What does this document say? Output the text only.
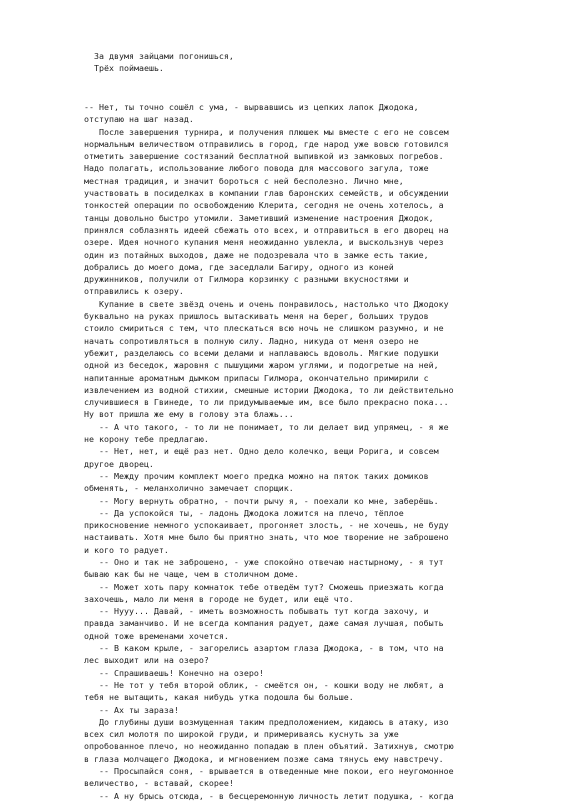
За двумя зайцами погонишься,
Трёх поймаешь.
-- Нет, ты точно сошёл с ума, - вырвавшись из цепких лапок Джодока,
отступаю на шаг назад.
После завершения турнира, и получения плюшек мы вместе с его не совсем
нормальным величеством отправились в город, где народ уже вовсю готовился
отметить завершение состязаний бесплатной выпивкой из замковых погребов.
Надо полагать, использование любого повода для массового загула, тоже
местная традиция, и значит бороться с ней бесполезно. Лично мне,
участвовать в посиделках в компании глав баронских семейств, и обсуждении
тонкостей операции по освобождению Клерита, сегодня не очень хотелось, а
танцы довольно быстро утомили. Заметивший изменение настроения Джодок,
принялся соблазнять идеей сбежать ото всех, и отправиться в его дворец на
озере. Идея ночного купания меня неожиданно увлекла, и выскользнув через
один из потайных выходов, даже не подозревала что в замке есть такие,
добрались до моего дома, где заседлали Багиру, одного из коней
дружинников, получили от Гилмора корзинку с разными вкусностями и
отправились к озеру.
Купание в свете звёзд очень и очень понравилось, настолько что Джодоку
буквально на руках пришлось вытаскивать меня на берег, больших трудов
стоило смириться с тем, что плескаться всю ночь не слишком разумно, и не
начать сопротивляться в полную силу. Ладно, никуда от меня озеро не
убежит, разделаюсь со всеми делами и наплаваюсь вдоволь. Мягкие подушки
одной из беседок, жаровня с пышущими жаром углями, и подогретые на ней,
напитанные ароматным дымком припасы Гилмора, окончательно примирили с
извлечением из водной стихии, смешные истории Джодока, то ли действительно
случившиеся в Гвинеде, то ли придумываемые им, все было прекрасно пока...
Ну вот пришла же ему в голову эта блажь...
-- А что такого, - то ли не понимает, то ли делает вид упрямец, - я же
не корону тебе предлагаю.
-- Нет, нет, и ещё раз нет. Одно дело колечко, вещи Рорига, и совсем
другое дворец.
-- Между прочим комплект моего предка можно на пяток таких домиков
обменять, - меланхолично замечает спорщик.
-- Могу вернуть обратно, - почти рычу я, - поехали ко мне, заберёшь.
-- Да успокойся ты, - ладонь Джодока ложится на плечо, тёплое
прикосновение немного успокаивает, прогоняет злость, - не хочешь, не буду
настаивать. Хотя мне было бы приятно знать, что мое творение не заброшено
и кого то радует.
-- Оно и так не заброшено, - уже спокойно отвечаю настырному, - я тут
бываю как бы не чаще, чем в столичном доме.
-- Может хоть пару комнаток тебе отведём тут? Сможешь приезжать когда
захочешь, мало ли меня в городе не будет, или ещё что.
-- Нууу... Давай, - иметь возможность побывать тут когда захочу, и
правда заманчиво. И не всегда компания радует, даже самая лучшая, побыть
одной тоже временами хочется.
-- В каком крыле, - загорелись азартом глаза Джодока, - в том, что на
лес выходит или на озеро?
-- Спрашиваешь! Конечно на озеро!
-- Не тот у тебя второй облик, - смеётся он, - кошки воду не любят, а
тебя не вытащить, какая нибудь утка подошла бы больше.
-- Ах ты зараза!
До глубины души возмущенная таким предположением, кидаюсь в атаку, изо
всех сил молотя по широкой груди, и примериваясь куснуть за уже
опробованное плечо, но неожиданно попадаю в плен объятий. Затихнув, смотрю
в глаза молчащего Джодока, и мгновением позже сама тянусь ему навстречу.
-- Просыпайся соня, - врывается в отведенные мне покои, его неугомонное
величество, - вставай, скорее!
-- А ну брысь отсюда, - в бесцеремонную личность летит подушка, - когда
